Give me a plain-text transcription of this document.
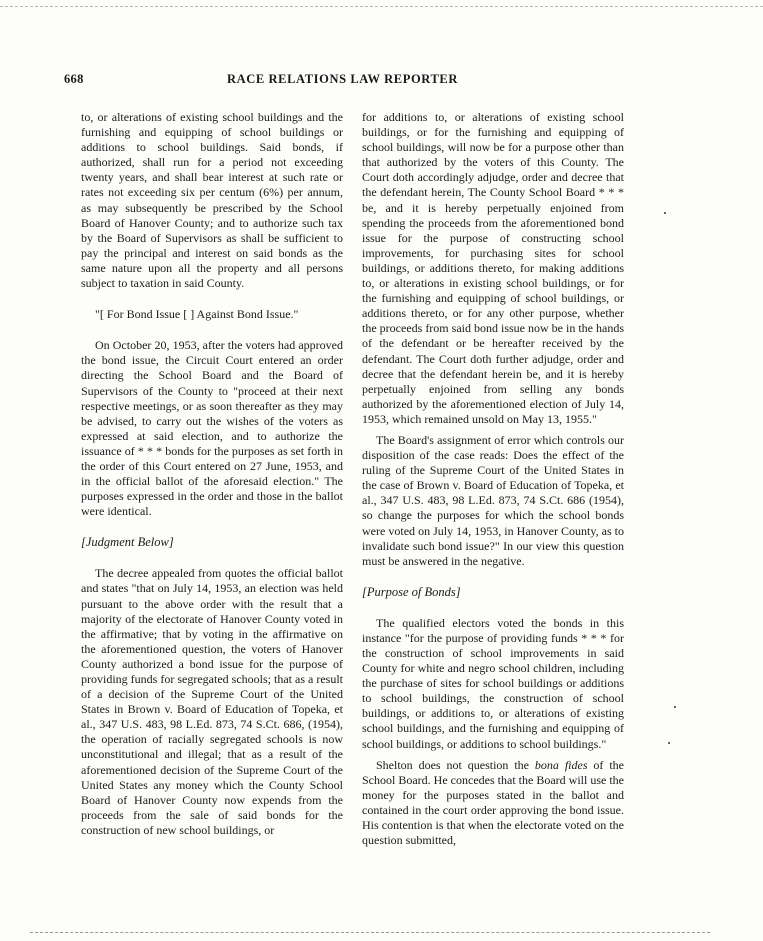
668	RACE RELATIONS LAW REPORTER

to, or alterations of existing school buildings and the furnishing and equipping of school buildings or additions to school buildings. Said bonds, if authorized, shall run for a period not exceeding twenty years, and shall bear interest at such rate or rates not exceeding six per centum (6%) per annum, as may subsequently be prescribed by the School Board of Hanover County; and to authorize such tax by the Board of Supervisors as shall be sufficient to pay the principal and interest on said bonds as the same nature upon all the property and all persons subject to taxation in said County.

"[ For Bond Issue [ ] Against Bond Issue."

On October 20, 1953, after the voters had approved the bond issue, the Circuit Court entered an order directing the School Board and the Board of Supervisors of the County to "proceed at their next respective meetings, or as soon thereafter as they may be advised, to carry out the wishes of the voters as expressed at said election, and to authorize the issuance of * * * bonds for the purposes as set forth in the order of this Court entered on 27 June, 1953, and in the official ballot of the aforesaid election." The purposes expressed in the order and those in the ballot were identical.

[Judgment Below]

The decree appealed from quotes the official ballot and states "that on July 14, 1953, an election was held pursuant to the above order with the result that a majority of the electorate of Hanover County voted in the affirmative; that by voting in the affirmative on the aforementioned question, the voters of Hanover County authorized a bond issue for the purpose of providing funds for segregated schools; that as a result of a decision of the Supreme Court of the United States in Brown v. Board of Education of Topeka, et al., 347 U.S. 483, 98 L.Ed. 873, 74 S.Ct. 686, (1954), the operation of racially segregated schools is now unconstitutional and illegal; that as a result of the aforementioned decision of the Supreme Court of the United States any money which the County School Board of Hanover County now expends from the proceeds from the sale of said bonds for the construction of new school buildings, or

for additions to, or alterations of existing school buildings, or for the furnishing and equipping of school buildings, will now be for a purpose other than that authorized by the voters of this County. The Court doth accordingly adjudge, order and decree that the defendant herein, The County School Board * * * be, and it is hereby perpetually enjoined from spending the proceeds from the aforementioned bond issue for the purpose of constructing school improvements, for purchasing sites for school buildings, or additions thereto, for making additions to, or alterations in existing school buildings, or for the furnishing and equipping of school buildings, or additions thereto, or for any other purpose, whether the proceeds from said bond issue now be in the hands of the defendant or be hereafter received by the defendant. The Court doth further adjudge, order and decree that the defendant herein be, and it is hereby perpetually enjoined from selling any bonds authorized by the aforementioned election of July 14, 1953, which remained unsold on May 13, 1955."

The Board's assignment of error which controls our disposition of the case reads: Does the effect of the ruling of the Supreme Court of the United States in the case of Brown v. Board of Education of Topeka, et al., 347 U.S. 483, 98 L.Ed. 873, 74 S.Ct. 686 (1954), so change the purposes for which the school bonds were voted on July 14, 1953, in Hanover County, as to invalidate such bond issue?" In our view this question must be answered in the negative.

[Purpose of Bonds]

The qualified electors voted the bonds in this instance "for the purpose of providing funds * * * for the construction of school improvements in said County for white and negro school children, including the purchase of sites for school buildings or additions to school buildings, the construction of school buildings, or additions to, or alterations of existing school buildings, and the furnishing and equipping of school buildings, or additions to school buildings."

Shelton does not question the bona fides of the School Board. He concedes that the Board will use the money for the purposes stated in the ballot and contained in the court order approving the bond issue. His contention is that when the electorate voted on the question submitted,
